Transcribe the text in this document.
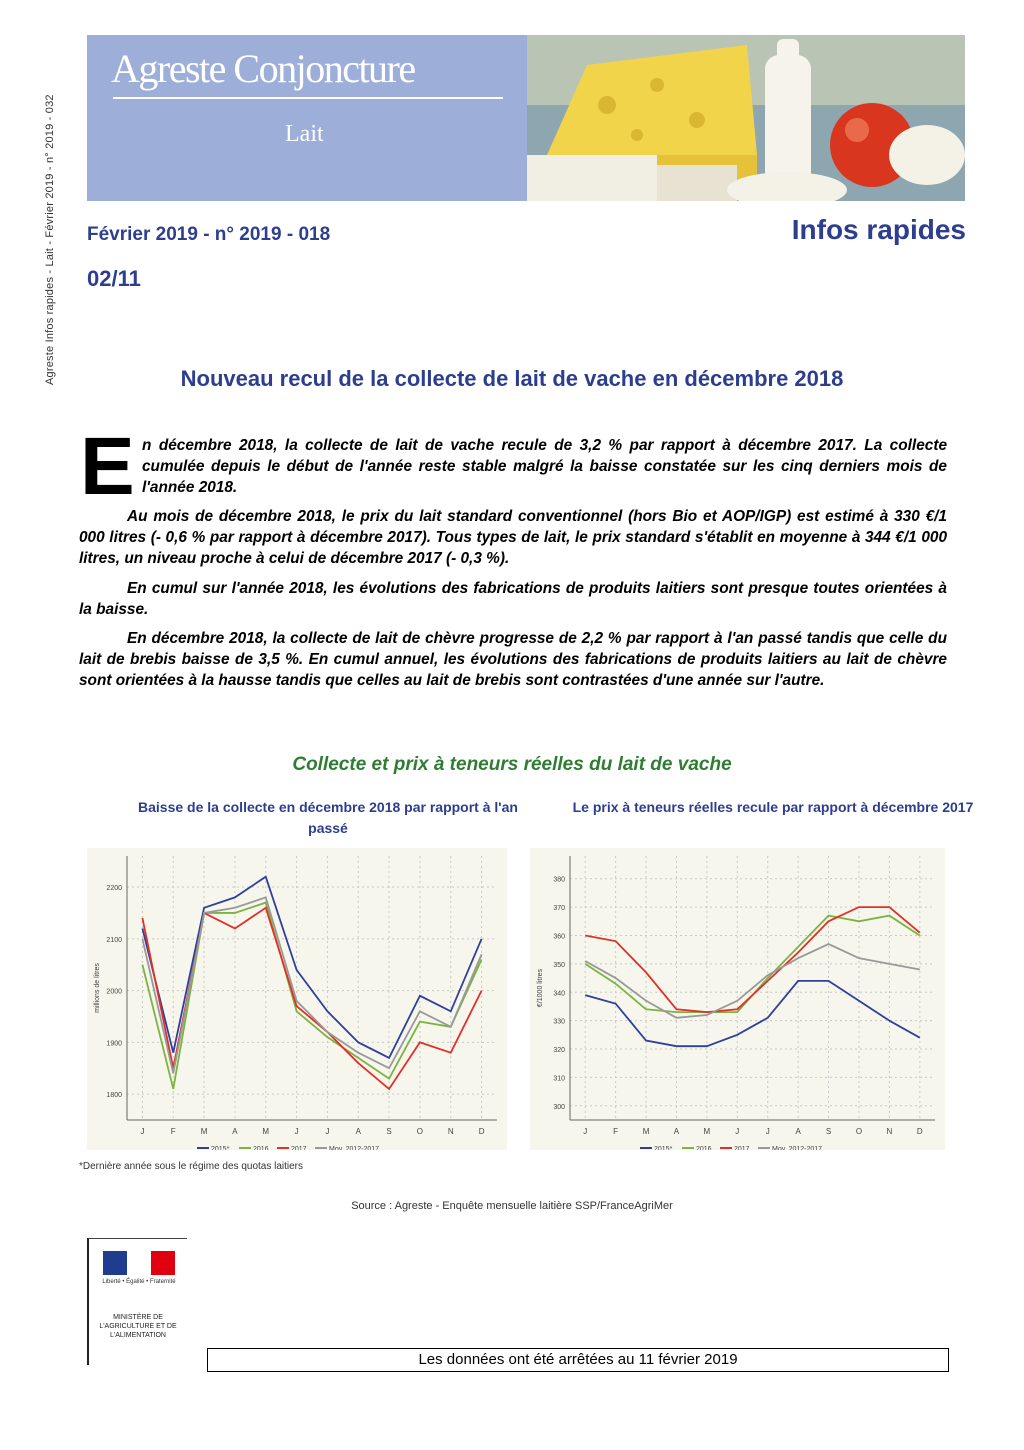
Agreste Infos rapides - Lait - Février 2019 - n° 2019 - 032
Agreste Conjoncture
Lait
Février 2019 - n° 2019 - 018
02/11
Infos rapides
Nouveau recul de la collecte de lait de vache en décembre 2018
E n décembre 2018, la collecte de lait de vache recule de 3,2 % par rapport à décembre 2017. La collecte cumulée depuis le début de l'année reste stable malgré la baisse constatée sur les cinq derniers mois de l'année 2018.

Au mois de décembre 2018, le prix du lait standard conventionnel (hors Bio et AOP/IGP) est estimé à 330 €/1 000 litres (- 0,6 % par rapport à décembre 2017). Tous types de lait, le prix standard s'établit en moyenne à 344 €/1 000 litres, un niveau proche à celui de décembre 2017 (- 0,3 %).

En cumul sur l'année 2018, les évolutions des fabrications de produits laitiers sont presque toutes orientées à la baisse.

En décembre 2018, la collecte de lait de chèvre progresse de 2,2 % par rapport à l'an passé tandis que celle du lait de brebis baisse de 3,5 %. En cumul annuel, les évolutions des fabrications de produits laitiers au lait de chèvre sont orientées à la hausse tandis que celles au lait de brebis sont contrastées d'une année sur l'autre.

Collecte et prix à teneurs réelles du lait de vache
Baisse de la collecte en décembre 2018 par rapport à l'an passé
Le prix à teneurs réelles recule par rapport à décembre 2017
J	F	M	A	M	J	J	A	S	O	N	D
1800
1900
2000
2100
2200
millions de litres
2015*	2016	2017	Moy. 2012-2017
J	F	M	A	M	J	J	A	S	O	N	D
300
310
320
330
340
350
360
370
380
€/1000 litres
2015*	2016	2017	Moy. 2012-2017
*Dernière année sous le régime des quotas laitiers
Source : Agreste - Enquête mensuelle laitière SSP/FranceAgriMer
Liberté • Égalité • Fraternité
MINISTÈRE DE L'AGRICULTURE ET DE L'ALIMENTATION
Les données ont été arrêtées au 11 février 2019
